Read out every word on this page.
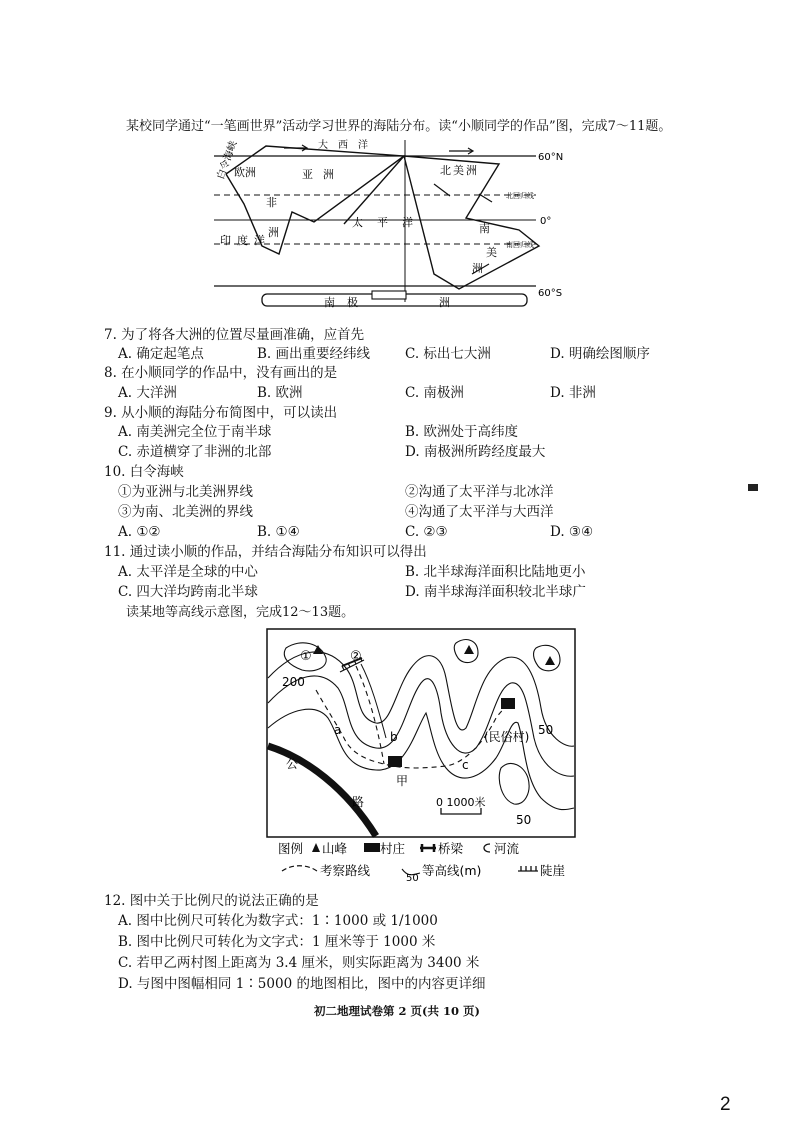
某校同学通过“一笔画世界”活动学习世界的海陆分布。读“小顺同学的作品”图，完成7～11题。
白令海峡
欧洲	亚洲	北美洲
非
洲
太平洋	南
美
洲
印度洋
大西洋
南极	洲
北回归线
南回归线
60°N
0°
60°S
7. 为了将各大洲的位置尽量画准确，应首先
A. 确定起笔点	B. 画出重要经纬线	C. 标出七大洲	D. 明确绘图顺序
8. 在小顺同学的作品中，没有画出的是
A. 大洋洲	B. 欧洲	C. 南极洲	D. 非洲
9. 从小顺的海陆分布简图中，可以读出
A. 南美洲完全位于南半球	B. 欧洲处于高纬度
C. 赤道横穿了非洲的北部	D. 南极洲所跨经度最大
10. 白令海峡
①为亚洲与北美洲界线	②沟通了太平洋与北冰洋
③为南、北美洲的界线	④沟通了太平洋与大西洋
A. ①②	B. ①④	C. ②③	D. ③④
11. 通过读小顺的作品，并结合海陆分布知识可以得出
A. 太平洋是全球的中心	B. 北半球海洋面积比陆地更小
C. 四大洋均跨南北半球	D. 南半球海洋面积较北半球广
读某地等高线示意图，完成12～13题。
①	②
200
50
50
a	b
c
(民俗村)
甲
公
路	0 1000米
图例 山峰	村庄	桥梁 河流
考察路线
50
等高线(m)	陡崖
12. 图中关于比例尺的说法正确的是
A. 图中比例尺可转化为数字式：1∶1000 或 1/1000
B. 图中比例尺可转化为文字式：1 厘米等于 1000 米
C. 若甲乙两村图上距离为 3.4 厘米，则实际距离为 3400 米
D. 与图中图幅相同 1∶5000 的地图相比，图中的内容更详细
初二地理试卷第 2 页(共 10 页)
2
